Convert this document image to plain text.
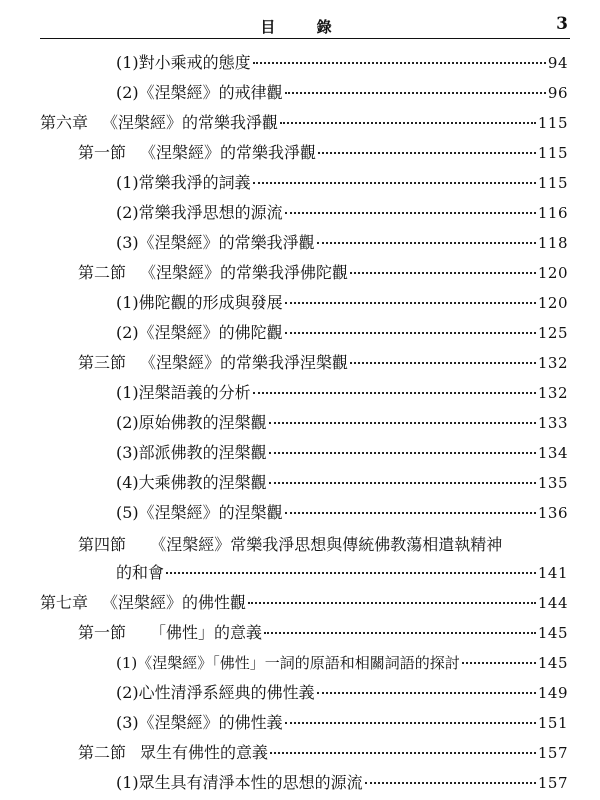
目 錄	3
(1)對小乘戒的態度	94
(2)《涅槃經》的戒律觀	96
第六章 《涅槃經》的常樂我淨觀	115
第一節 《涅槃經》的常樂我淨觀	115
(1)常樂我淨的詞義	115
(2)常樂我淨思想的源流	116
(3)《涅槃經》的常樂我淨觀	118
第二節 《涅槃經》的常樂我淨佛陀觀	120
(1)佛陀觀的形成與發展	120
(2)《涅槃經》的佛陀觀	125
第三節 《涅槃經》的常樂我淨涅槃觀	132
(1)涅槃語義的分析	132
(2)原始佛教的涅槃觀	133
(3)部派佛教的涅槃觀	134
(4)大乘佛教的涅槃觀	135
(5)《涅槃經》的涅槃觀	136
第四節 《涅槃經》常樂我淨思想與傳統佛教蕩相遣執精神
的和會	141
第七章 《涅槃經》的佛性觀	144
第一節 「佛性」的意義	145
(1)《涅槃經》「佛性」一詞的原語和相關詞語的探討	145
(2)心性清淨系經典的佛性義	149
(3)《涅槃經》的佛性義	151
第二節 眾生有佛性的意義	157
(1)眾生具有清淨本性的思想的源流	157
